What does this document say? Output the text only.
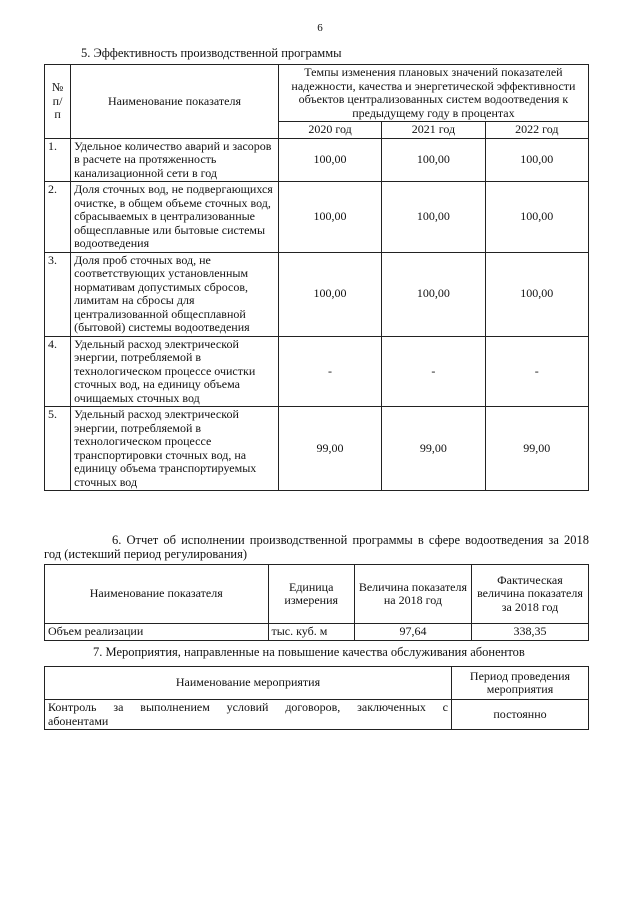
6
5. Эффективность производственной программы
№
п/
п	Наименование показателя	Темпы изменения плановых значений показателей надежности, качества и энергетической эффективности объектов централизованных систем водоотведения к предыдущему году в процентах		
		2020 год	2021 год	2022 год
1.	Удельное количество аварий и засоров в расчете на протяженность канализационной сети в год	100,00	100,00	100,00
2.	Доля сточных вод, не подвергающихся очистке, в общем объеме сточных вод, сбрасываемых в централизованные общесплавные или бытовые системы водоотведения	100,00	100,00	100,00
3.	Доля проб сточных вод, не соответствующих установленным нормативам допустимых сбросов, лимитам на сбросы для централизованной общесплавной (бытовой) системы водоотведения	100,00	100,00	100,00
4.	Удельный расход электрической энергии, потребляемой в технологическом процессе очистки сточных вод, на единицу объема очищаемых сточных вод	-	-	-
5.	Удельный расход электрической энергии, потребляемой в технологическом процессе транспортировки сточных вод, на единицу объема транспортируемых сточных вод	99,00	99,00	99,00
6. Отчет об исполнении производственной программы в сфере водоотведения за 2018 год (истекший период регулирования)
Наименование показателя	Единица измерения	Величина показателя на 2018 год	Фактическая величина показателя за 2018 год
Объем реализации	тыс. куб. м	97,64	338,35
7. Мероприятия, направленные на повышение качества обслуживания абонентов
Наименование мероприятия	Период проведения мероприятия

Контроль за выполнением условий договоров, заключенных с
абонентами	постоянно
